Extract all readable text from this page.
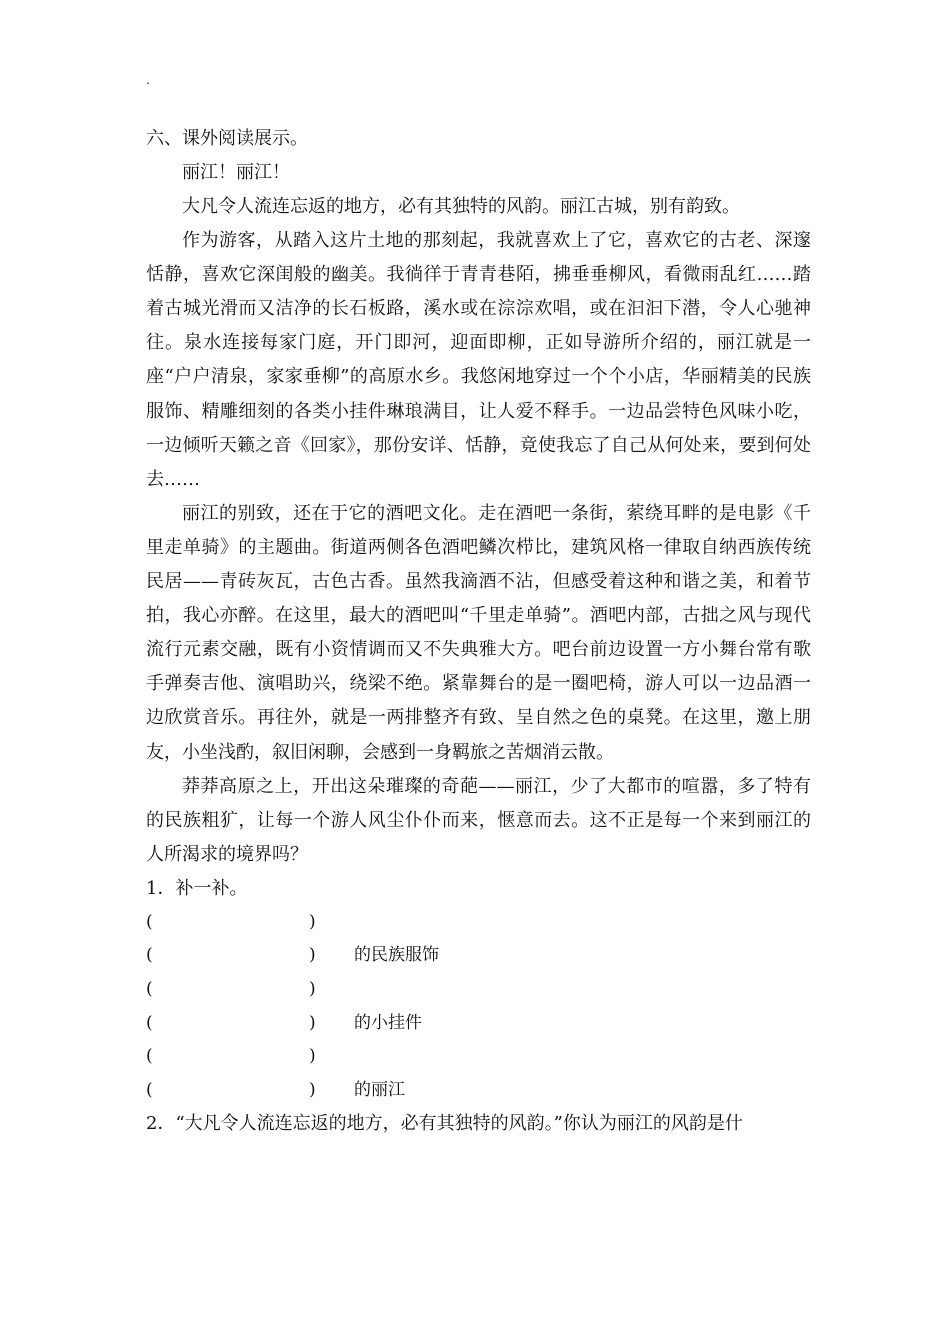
.
六、课外阅读展示。
丽江！丽江！

大凡令人流连忘返的地方，必有其独特的风韵。丽江古城，别有韵致。

作为游客，从踏入这片土地的那刻起，我就喜欢上了它，喜欢它的古老、深邃恬静，喜欢它深闺般的幽美。我徜徉于青青巷陌，拂垂垂柳风，看微雨乱红……踏着古城光滑而又洁净的长石板路，溪水或在淙淙欢唱，或在汩汩下潜，令人心驰神往。泉水连接每家门庭，开门即河，迎面即柳，正如导游所介绍的，丽江就是一座“户户清泉，家家垂柳”的高原水乡。我悠闲地穿过一个个小店，华丽精美的民族服饰、精雕细刻的各类小挂件琳琅满目，让人爱不释手。一边品尝特色风味小吃，一边倾听天籁之音《回家》，那份安详、恬静，竟使我忘了自己从何处来，要到何处去……

丽江的别致，还在于它的酒吧文化。走在酒吧一条街，萦绕耳畔的是电影《千里走单骑》的主题曲。街道两侧各色酒吧鳞次栉比，建筑风格一律取自纳西族传统民居——青砖灰瓦，古色古香。虽然我滴酒不沾，但感受着这种和谐之美，和着节拍，我心亦醉。在这里，最大的酒吧叫“千里走单骑”。酒吧内部，古拙之风与现代流行元素交融，既有小资情调而又不失典雅大方。吧台前边设置一方小舞台常有歌手弹奏吉他、演唱助兴，绕梁不绝。紧靠舞台的是一圈吧椅，游人可以一边品酒一边欣赏音乐。再往外，就是一两排整齐有致、呈自然之色的桌凳。在这里，邀上朋友，小坐浅酌，叙旧闲聊，会感到一身羁旅之苦烟消云散。

莽莽高原之上，开出这朵璀璨的奇葩——丽江，少了大都市的喧嚣，多了特有的民族粗犷，让每一个游人风尘仆仆而来，惬意而去。这不正是每一个来到丽江的人所渴求的境界吗？

1．补一补。
(	)
(	) 的民族服饰
(	)
(	) 的小挂件
(	)
(	) 的丽江
2．“大凡令人流连忘返的地方，必有其独特的风韵。”你认为丽江的风韵是什
